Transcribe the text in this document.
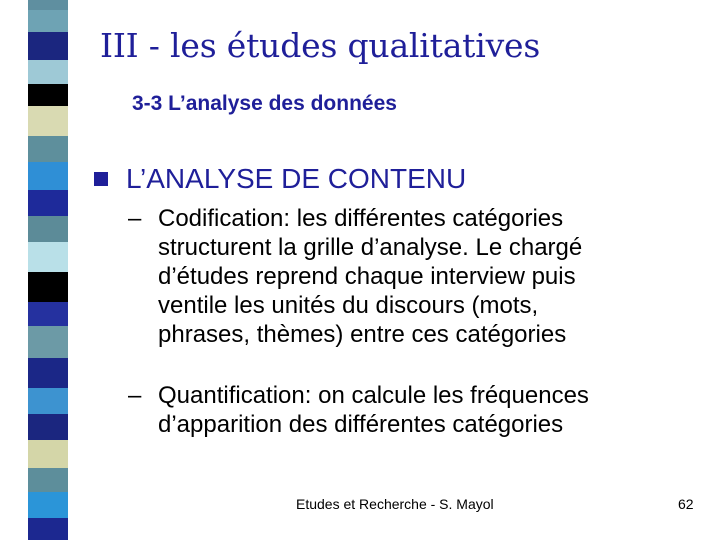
III - les études qualitatives
3-3 L’analyse des données
L’ANALYSE DE CONTENU
– Codification: les différentes catégories
structurent la grille d’analyse. Le chargé
d’études reprend chaque interview puis
ventile les unités du discours (mots,
phrases, thèmes) entre ces catégories
– Quantification: on calcule les fréquences
d’apparition des différentes catégories
Etudes et Recherche - S. Mayol	62
